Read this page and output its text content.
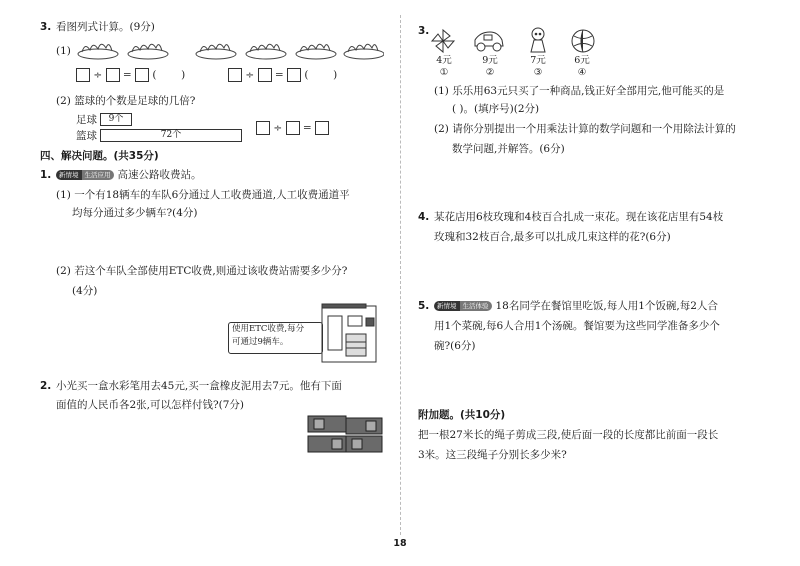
3. 看图列式计算。(9分)
(1)
÷ = ( )	÷ = ( )
(2) 篮球的个数是足球的几倍?
足球	9个
篮球	72个
÷ =
四、解决问题。(共35分)
1.	新情境 生活应用 高速公路收费站。
(1) 一个有18辆车的车队6分通过人工收费通道,人工收费通道平
均每分通过多少辆车?(4分)
(2) 若这个车队全部使用ETC收费,则通过该收费站需要多少分?
(4分)
使用ETC收费,每分
可通过9辆车。
2. 小光买一盒水彩笔用去45元,买一盒橡皮泥用去7元。他有下面
面值的人民币各2张,可以怎样付钱?(7分)
3.
4元	9元	7元	6元
①	②	③	④
(1) 乐乐用63元只买了一种商品,钱正好全部用完,他可能买的是
( )。(填序号)(2分)
(2) 请你分别提出一个用乘法计算的数学问题和一个用除法计算的
数学问题,并解答。(6分)
4. 某花店用6枝玫瑰和4枝百合扎成一束花。现在该花店里有54枝
玫瑰和32枝百合,最多可以扎成几束这样的花?(6分)
5.	新情境 生活体验 18名同学在餐馆里吃饭,每人用1个饭碗,每2人合
用1个菜碗,每6人合用1个汤碗。餐馆要为这些同学准备多少个
碗?(6分)
附加题。(共10分)
把一根27米长的绳子剪成三段,使后面一段的长度都比前面一段长
3米。这三段绳子分别长多少米?
18
